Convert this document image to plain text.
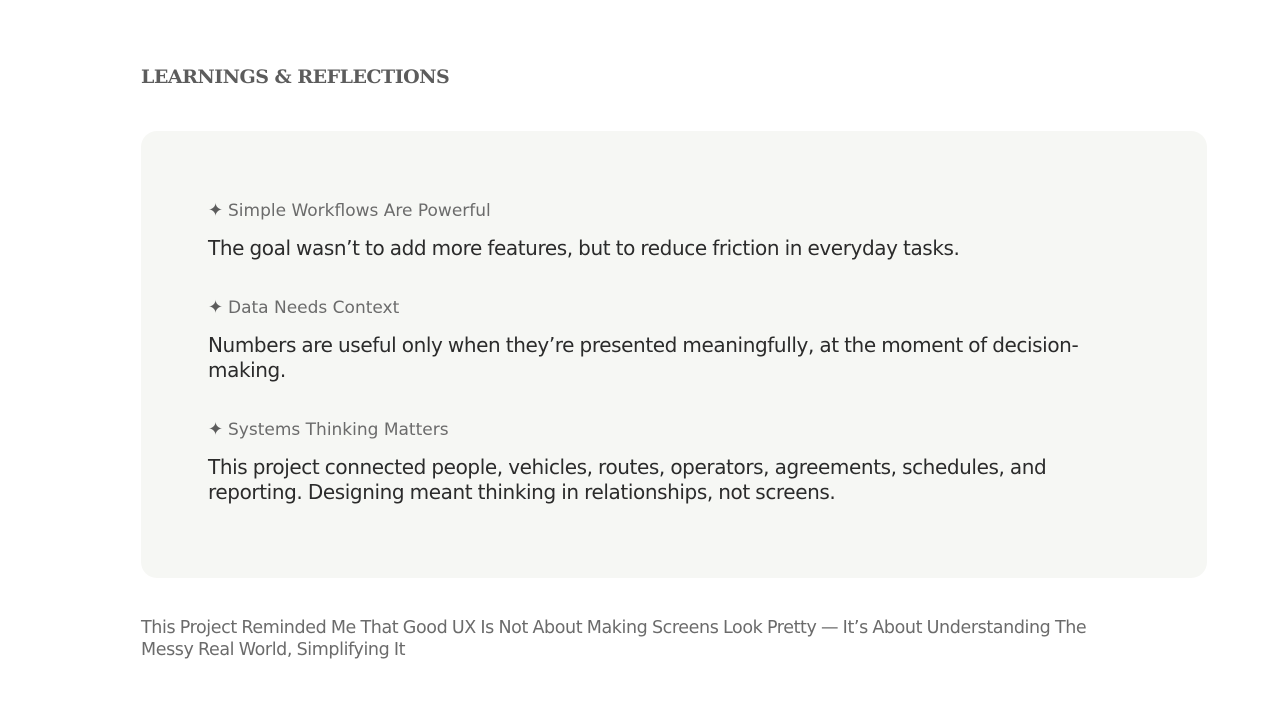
LEARNINGS & REFLECTIONS
✦ Simple Workflows Are Powerful
The goal wasn’t to add more features, but to reduce friction in everyday tasks.
✦ Data Needs Context
Numbers are useful only when they’re presented meaningfully, at the moment of decision-making.
✦ Systems Thinking Matters
This project connected people, vehicles, routes, operators, agreements, schedules, and reporting. Designing meant thinking in relationships, not screens.

This Project Reminded Me That Good UX Is Not About Making Screens Look Pretty — It’s About Understanding The Messy Real World, Simplifying It
